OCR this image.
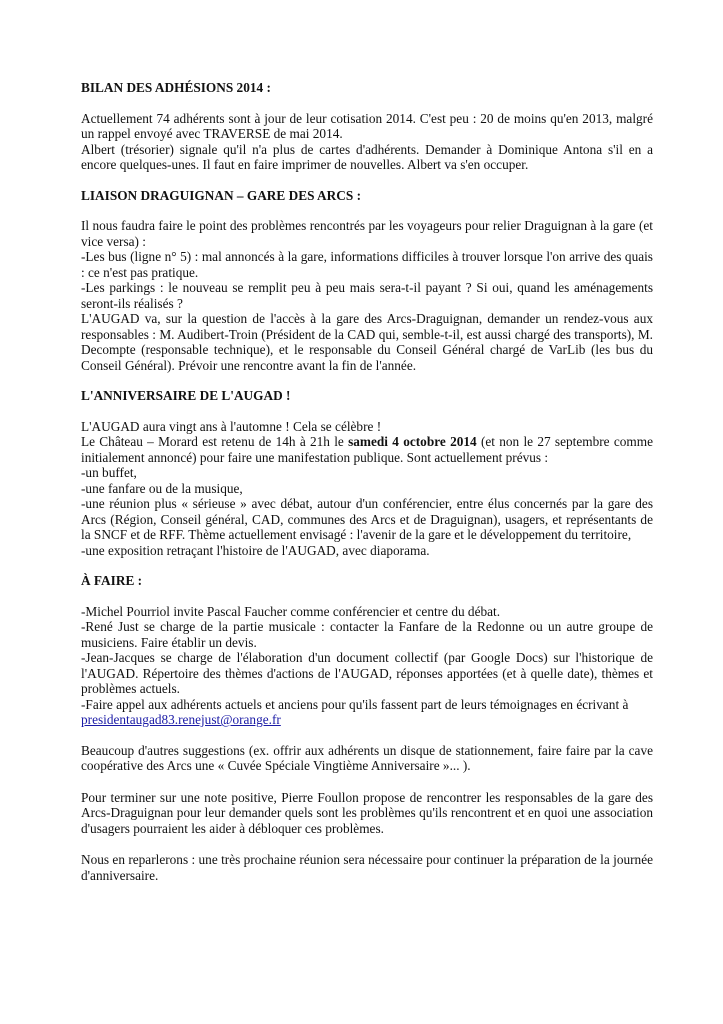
BILAN DES ADHÉSIONS 2014 :

Actuellement 74 adhérents sont à jour de leur cotisation 2014. C'est peu : 20 de moins qu'en 2013, malgré un rappel envoyé avec TRAVERSE de mai 2014.

Albert (trésorier) signale qu'il n'a plus de cartes d'adhérents. Demander à Dominique Antona s'il en a encore quelques-unes. Il faut en faire imprimer de nouvelles. Albert va s'en occuper.

LIAISON DRAGUIGNAN – GARE DES ARCS :

Il nous faudra faire le point des problèmes rencontrés par les voyageurs pour relier Draguignan à la gare (et vice versa) :

-Les bus (ligne n° 5) : mal annoncés à la gare, informations difficiles à trouver lorsque l'on arrive des quais : ce n'est pas pratique.

-Les parkings : le nouveau se remplit peu à peu mais sera-t-il payant ? Si oui, quand les aménagements seront-ils réalisés ?

L'AUGAD va, sur la question de l'accès à la gare des Arcs-Draguignan, demander un rendez-vous aux responsables : M. Audibert-Troin (Président de la CAD qui, semble-t-il, est aussi chargé des transports), M. Decompte (responsable technique), et le responsable du Conseil Général chargé de VarLib (les bus du Conseil Général). Prévoir une rencontre avant la fin de l'année.

L'ANNIVERSAIRE DE L'AUGAD !

L'AUGAD aura vingt ans à l'automne ! Cela se célèbre !

Le Château – Morard est retenu de 14h à 21h le samedi 4 octobre 2014 (et non le 27 septembre comme initialement annoncé) pour faire une manifestation publique. Sont actuellement prévus :

-un buffet,

-une fanfare ou de la musique,

-une réunion plus « sérieuse » avec débat, autour d'un conférencier, entre élus concernés par la gare des Arcs (Région, Conseil général, CAD, communes des Arcs et de Draguignan), usagers, et représentants de la SNCF et de RFF. Thème actuellement envisagé : l'avenir de la gare et le développement du territoire,

-une exposition retraçant l'histoire de l'AUGAD, avec diaporama.

À FAIRE :

-Michel Pourriol invite Pascal Faucher comme conférencier et centre du débat.

-René Just se charge de la partie musicale : contacter la Fanfare de la Redonne ou un autre groupe de musiciens. Faire établir un devis.

-Jean-Jacques se charge de l'élaboration d'un document collectif (par Google Docs) sur l'historique de l'AUGAD. Répertoire des thèmes d'actions de l'AUGAD, réponses apportées (et à quelle date), thèmes et problèmes actuels.

-Faire appel aux adhérents actuels et anciens pour qu'ils fassent part de leurs témoignages en écrivant à

presidentaugad83.renejust@orange.fr

Beaucoup d'autres suggestions (ex. offrir aux adhérents un disque de stationnement, faire faire par la cave coopérative des Arcs une « Cuvée Spéciale Vingtième Anniversaire »... ).

Pour terminer sur une note positive, Pierre Foullon propose de rencontrer les responsables de la gare des Arcs-Draguignan pour leur demander quels sont les problèmes qu'ils rencontrent et en quoi une association d'usagers pourraient les aider à débloquer ces problèmes.

Nous en reparlerons : une très prochaine réunion sera nécessaire pour continuer la préparation de la journée d'anniversaire.
